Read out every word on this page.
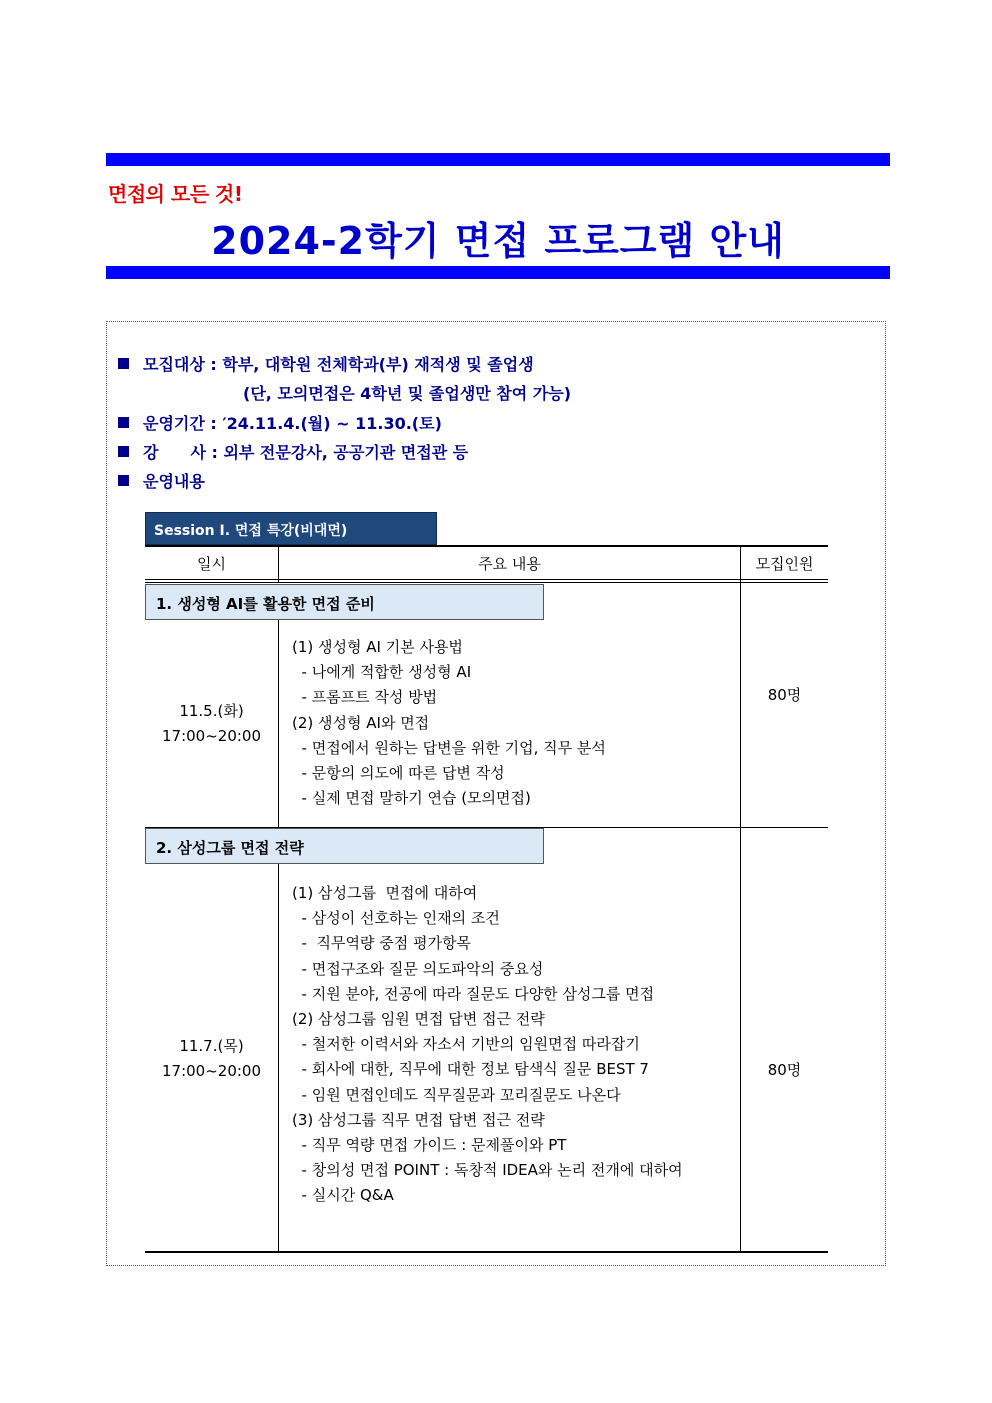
면접의 모든 것!
2024-2학기 면접 프로그램 안내
모집대상 : 학부, 대학원 전체학과(부) 재적생 및 졸업생
(단, 모의면접은 4학년 및 졸업생만 참여 가능)
운영기간 : ′24.11.4.(월) ~ 11.30.(토)
강　　사 : 외부 전문강사, 공공기관 면접관 등
운영내용
Session Ⅰ. 면접 특강(비대면)
일시	주요 내용	모집인원
1. 생성형 AI를 활용한 면접 준비
11.5.(화)
17:00~20:00
(1) 생성형 AI 기본 사용법
- 나에게 적합한 생성형 AI
- 프롬프트 작성 방법
(2) 생성형 AI와 면접
- 면접에서 원하는 답변을 위한 기업, 직무 분석
- 문항의 의도에 따른 답변 작성
- 실제 면접 말하기 연습 (모의면접)
80명
2. 삼성그룹 면접 전략
11.7.(목)
17:00~20:00
(1) 삼성그룹  면접에 대하여
- 삼성이 선호하는 인재의 조건
-  직무역량 중점 평가항목
- 면접구조와 질문 의도파악의 중요성
- 지원 분야, 전공에 따라 질문도 다양한 삼성그룹 면접
(2) 삼성그룹 임원 면접 답변 접근 전략
- 철저한 이력서와 자소서 기반의 임원면접 따라잡기
- 회사에 대한, 직무에 대한 정보 탐색식 질문 BEST 7
- 임원 면접인데도 직무질문과 꼬리질문도 나온다
(3) 삼성그룹 직무 면접 답변 접근 전략
- 직무 역량 면접 가이드 : 문제풀이와 PT
- 창의성 면접 POINT : 독창적 IDEA와 논리 전개에 대하여
- 실시간 Q&A
80명
